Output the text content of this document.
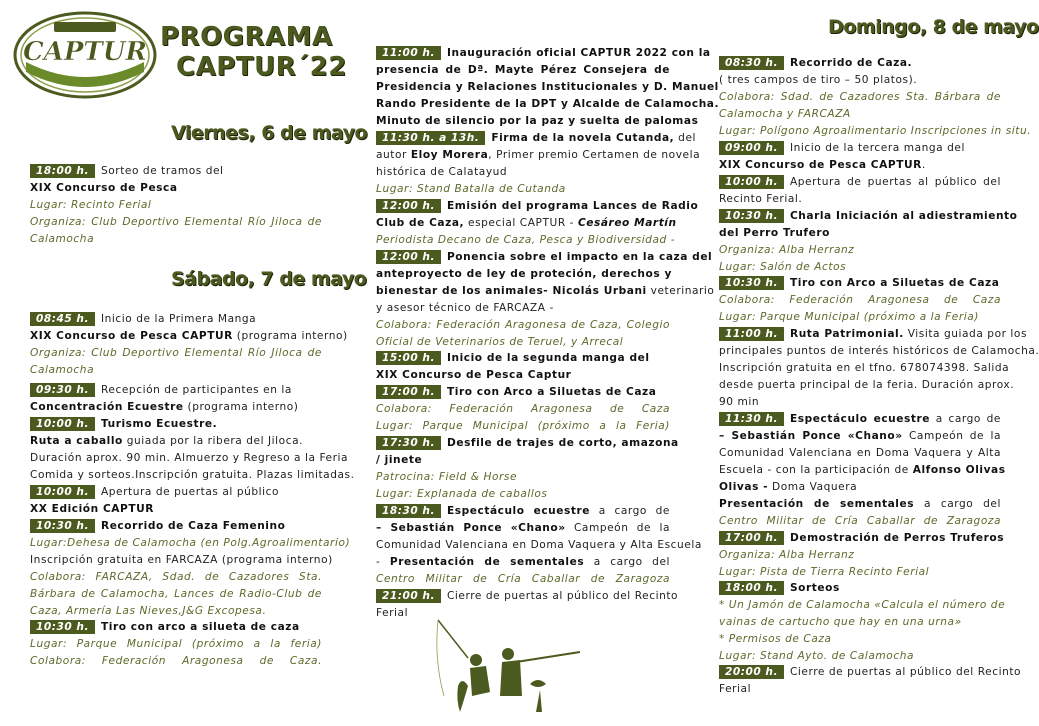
CAPTUR PROGRAMA
CAPTUR´22
Viernes, 6 de mayo
Sábado, 7 de mayo
Domingo, 8 de mayo
18:00 h. Sorteo de tramos del
XIX Concurso de Pesca
Lugar: Recinto Ferial
Organiza: Club Deportivo Elemental Río Jiloca de
Calamocha
08:45 h. Inicio de la Primera Manga
XIX Concurso de Pesca CAPTUR (programa interno)
Organiza: Club Deportivo Elemental Río Jiloca de
Calamocha
09:30 h. Recepción de participantes en la
Concentración Ecuestre (programa interno)
10:00 h. Turismo Ecuestre.
Ruta a caballo guiada por la ribera del Jiloca.
Duración aprox. 90 min. Almuerzo y Regreso a la Feria
Comida y sorteos.Inscripción gratuita. Plazas limitadas.
10:00 h. Apertura de puertas al público
XX Edición CAPTUR
10:30 h. Recorrido de Caza Femenino
Lugar:Dehesa de Calamocha (en Polg.Agroalimentario)
Inscripción gratuita en FARCAZA (programa interno)
Colabora: FARCAZA, Sdad. de Cazadores Sta.
Bárbara de Calamocha, Lances de Radio-Club de
Caza, Armería Las Nieves,J&G Excopesa.
10:30 h. Tiro con arco a silueta de caza
Lugar: Parque Municipal (próximo a la feria)
Colabora: Federación Aragonesa de Caza.
11:00 h. Inauguración oficial CAPTUR 2022 con la
presencia de Dª. Mayte Pérez Consejera de
Presidencia y Relaciones Institucionales y D. Manuel
Rando Presidente de la DPT y Alcalde de Calamocha.
Minuto de silencio por la paz y suelta de palomas
11:30 h. a 13h. Firma de la novela Cutanda, del
autor Eloy Morera, Primer premio Certamen de novela
histórica de Calatayud
Lugar: Stand Batalla de Cutanda
12:00 h. Emisión del programa Lances de Radio
Club de Caza, especial CAPTUR - Cesáreo Martín
Periodista Decano de Caza, Pesca y Biodiversidad -
12:00 h. Ponencia sobre el impacto en la caza del
anteproyecto de ley de proteción, derechos y
bienestar de los animales- Nicolás Urbani veterinario
y asesor técnico de FARCAZA -
Colabora: Federación Aragonesa de Caza, Colegio
Oficial de Veterinarios de Teruel, y Arrecal
15:00 h. Inicio de la segunda manga del
XIX Concurso de Pesca Captur
17:00 h. Tiro con Arco a Siluetas de Caza
Colabora: Federación Aragonesa de Caza
Lugar: Parque Municipal (próximo a la Feria)
17:30 h. Desfile de trajes de corto, amazona
/ jinete
Patrocina: Field & Horse
Lugar: Explanada de caballos
18:30 h. Espectáculo ecuestre a cargo de
– Sebastián Ponce «Chano» Campeón de la
Comunidad Valenciana en Doma Vaquera y Alta Escuela
- Presentación de sementales a cargo del
Centro Militar de Cría Caballar de Zaragoza
21:00 h. Cierre de puertas al público del Recinto
Ferial
08:30 h. Recorrido de Caza.
( tres campos de tiro – 50 platos).
Colabora: Sdad. de Cazadores Sta. Bárbara de
Calamocha y FARCAZA
Lugar: Polígono Agroalimentario Inscripciones in situ.
09:00 h. Inicio de la tercera manga del
XIX Concurso de Pesca CAPTUR.
10:00 h. Apertura de puertas al público del
Recinto Ferial.
10:30 h. Charla Iniciación al adiestramiento
del Perro Trufero
Organiza: Alba Herranz
Lugar: Salón de Actos
10:30 h. Tiro con Arco a Siluetas de Caza
Colabora: Federación Aragonesa de Caza
Lugar: Parque Municipal (próximo a la Feria)
11:00 h. Ruta Patrimonial. Visita guiada por los
principales puntos de interés históricos de Calamocha.
Inscripción gratuita en el tfno. 678074398. Salida
desde puerta principal de la feria. Duración aprox.
90 min
11:30 h. Espectáculo ecuestre a cargo de
– Sebastián Ponce «Chano» Campeón de la
Comunidad Valenciana en Doma Vaquera y Alta
Escuela - con la participación de Alfonso Olivas
Olivas - Doma Vaquera
Presentación de sementales a cargo del
Centro Militar de Cría Caballar de Zaragoza
17:00 h. Demostración de Perros Truferos
Organiza: Alba Herranz
Lugar: Pista de Tierra Recinto Ferial
18:00 h. Sorteos
* Un Jamón de Calamocha «Calcula el número de
vainas de cartucho que hay en una urna»
* Permisos de Caza
Lugar: Stand Ayto. de Calamocha
20:00 h. Cierre de puertas al público del Recinto
Ferial
